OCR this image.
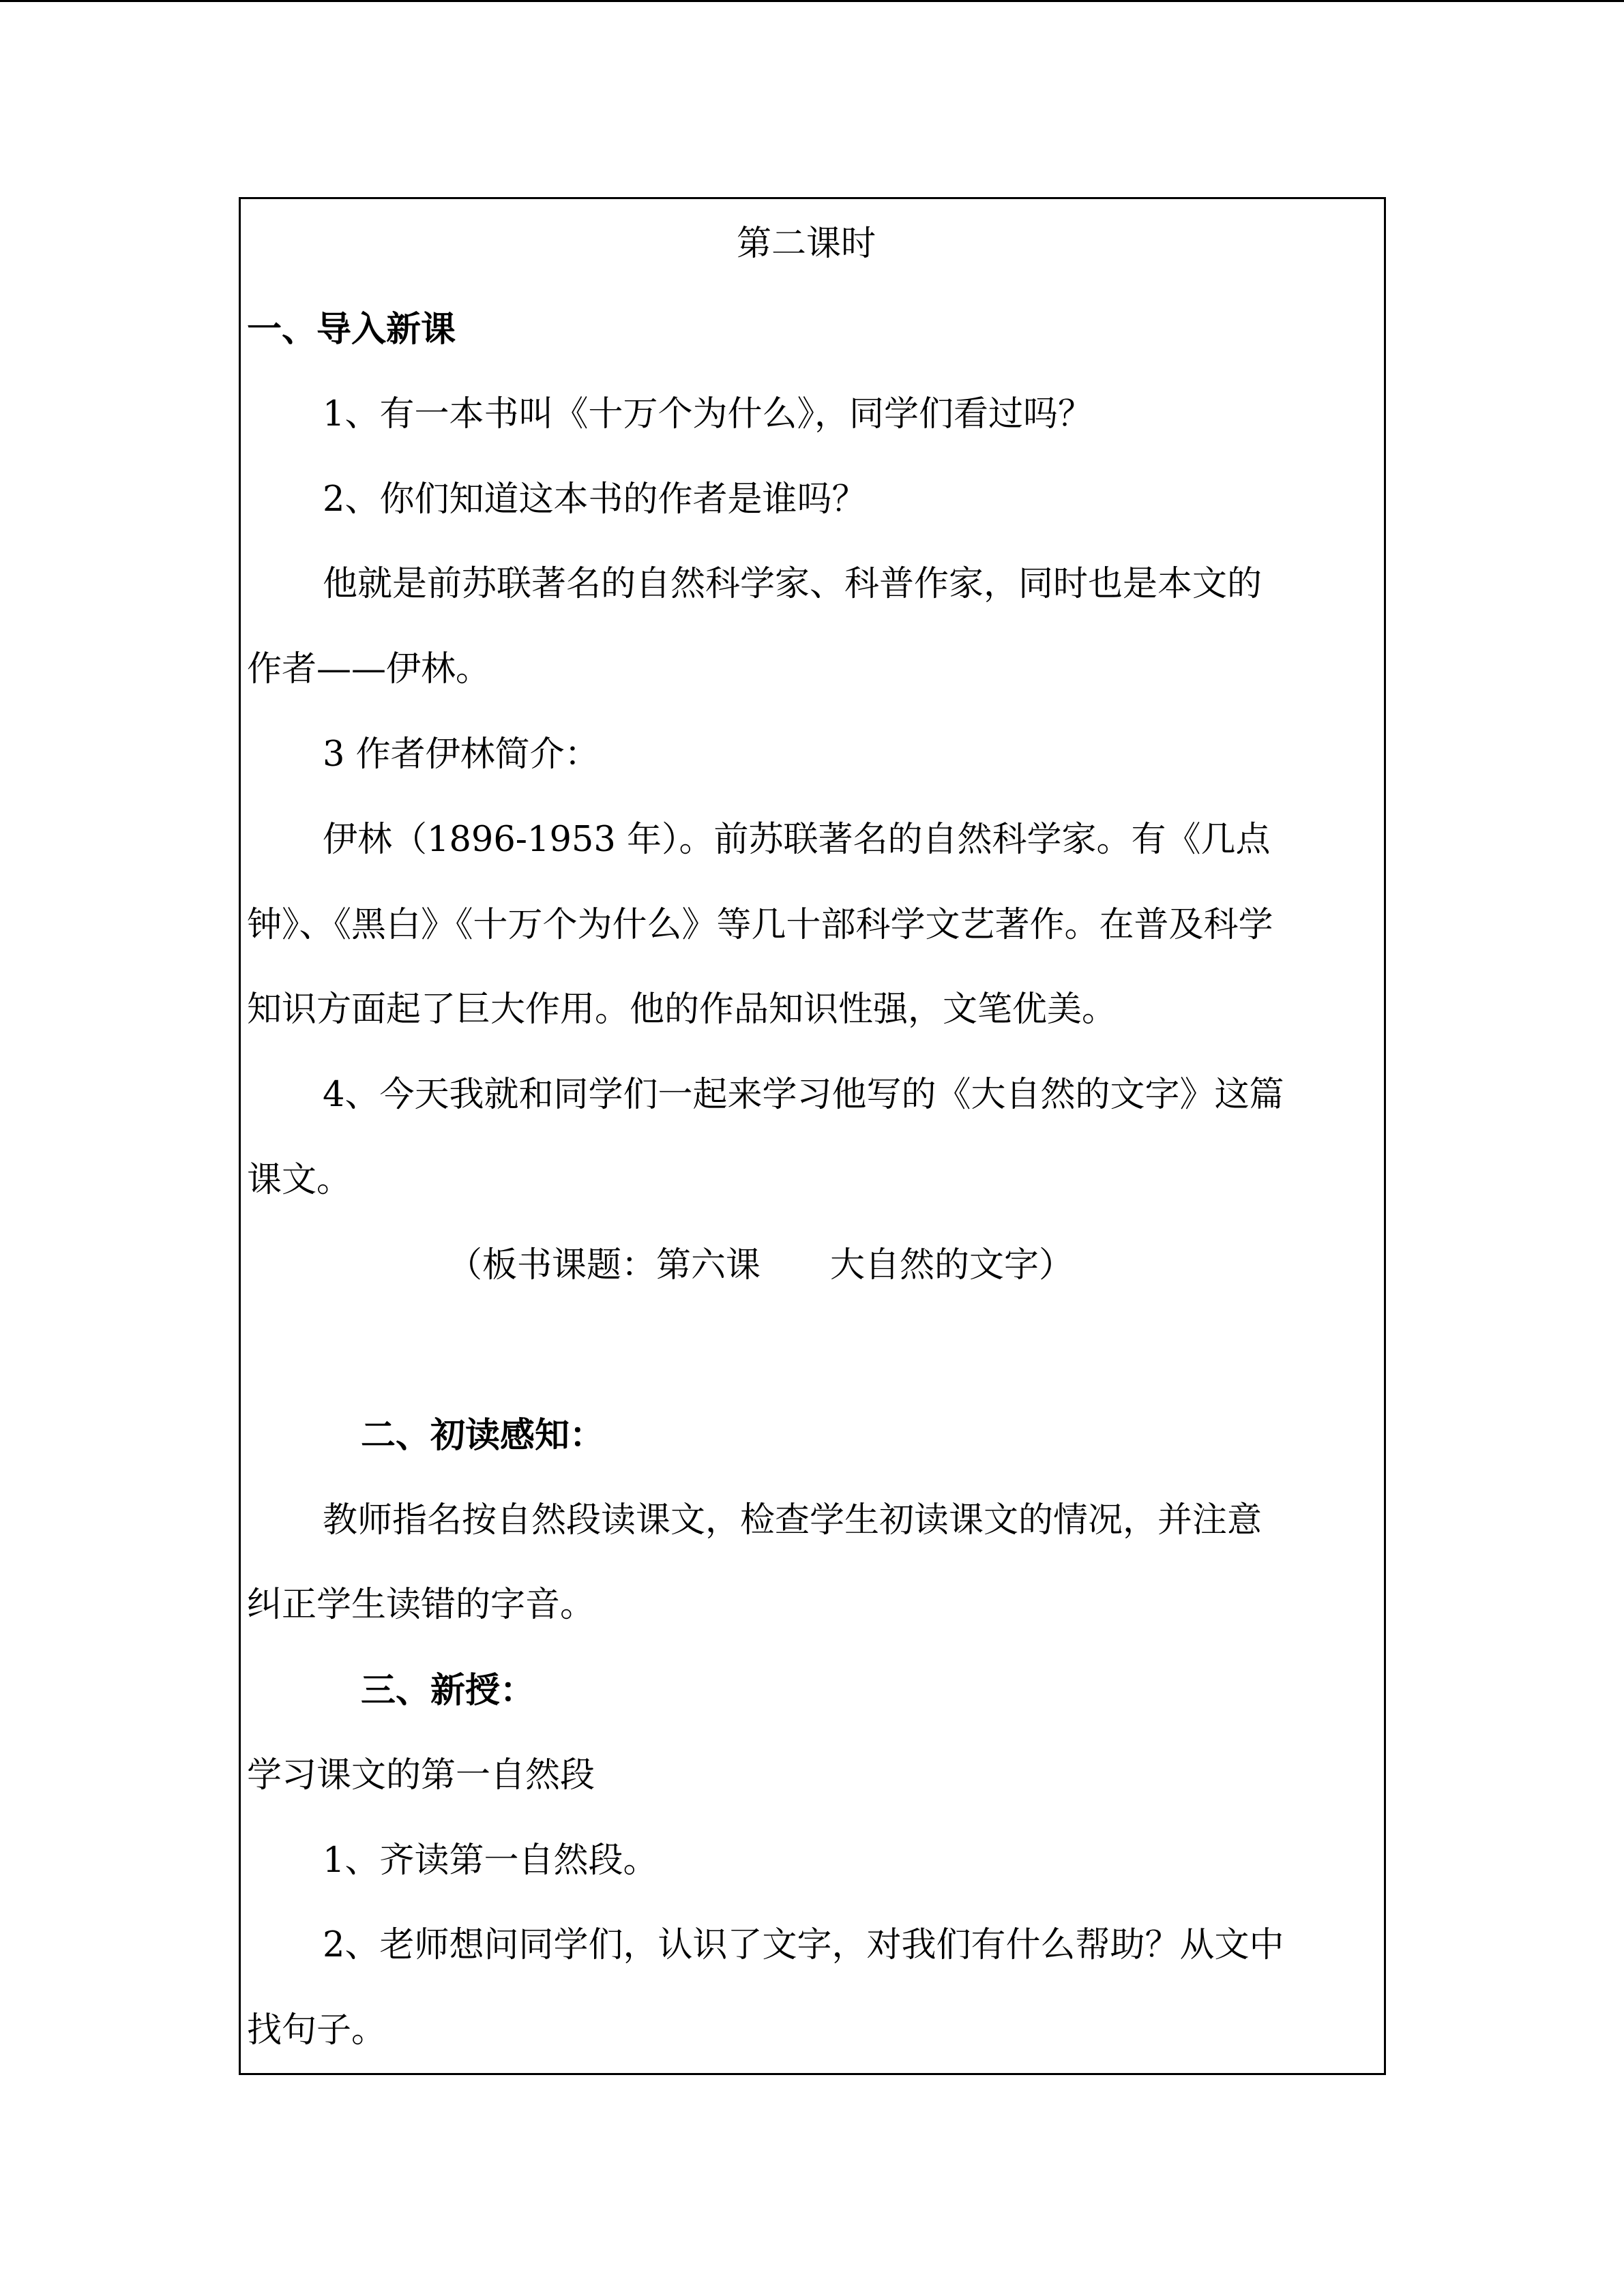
第二课时
一、导入新课
1、有一本书叫《十万个为什么》，同学们看过吗？
2、你们知道这本书的作者是谁吗？
他就是前苏联著名的自然科学家、科普作家，同时也是本文的
作者——伊林。
3 作者伊林简介：
伊林（1896-1953 年）。前苏联著名的自然科学家。有《几点
钟》、《黑白》《十万个为什么》等几十部科学文艺著作。在普及科学
知识方面起了巨大作用。他的作品知识性强，文笔优美。
4、今天我就和同学们一起来学习他写的《大自然的文字》这篇
课文。
（板书课题：第六课　　大自然的文字）
二、初读感知：
教师指名按自然段读课文，检查学生初读课文的情况，并注意
纠正学生读错的字音。
三、新授：
学习课文的第一自然段
1、齐读第一自然段。
2、老师想问同学们，认识了文字，对我们有什么帮助？从文中
找句子。
